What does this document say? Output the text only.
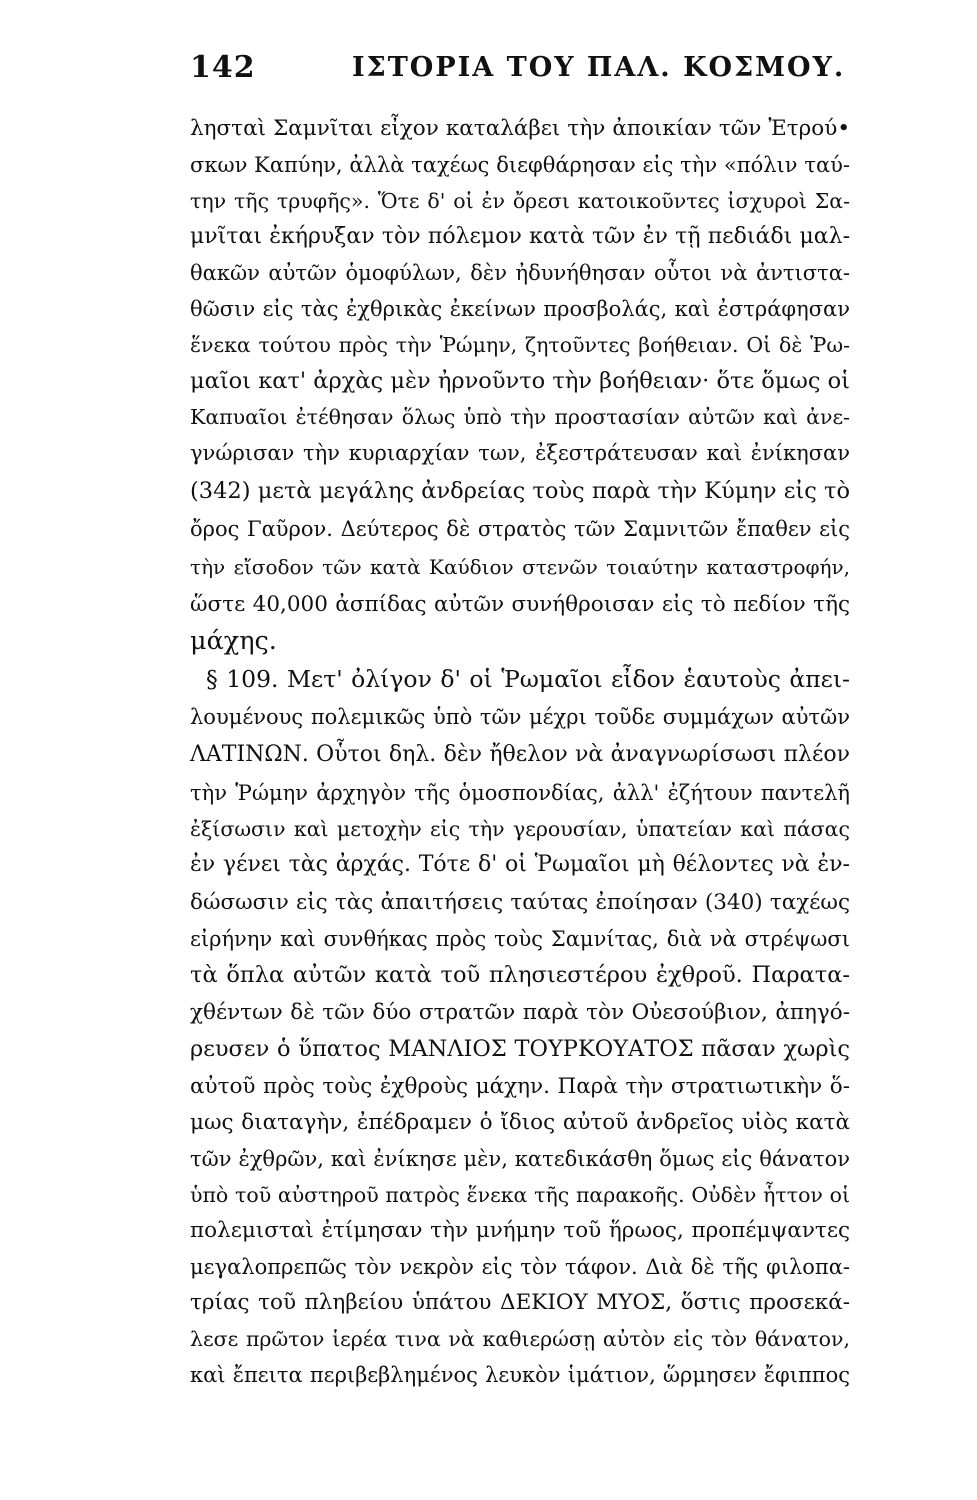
142	ΙΣΤΟΡΙΑ ΤΟΥ ΠΑΛ. ΚΟΣΜΟΥ.
λησταὶ Σαμνῖται εἶχον καταλάβει τὴν ἀποικίαν τῶν Ἐτρού•
σκων Καπύην, ἀλλὰ ταχέως διεφθάρησαν εἰς τὴν «πόλιν ταύ-
την τῆς τρυφῆς». Ὅτε δ' οἱ ἐν ὄρεσι κατοικοῦντες ἰσχυροὶ Σα-
μνῖται ἐκήρυξαν τὸν πόλεμον κατὰ τῶν ἐν τῇ πεδιάδι μαλ-
θακῶν αὐτῶν ὁμοφύλων, δὲν ἠδυνήθησαν οὗτοι νὰ ἀντιστα-
θῶσιν εἰς τὰς ἐχθρικὰς ἐκείνων προσβολάς, καὶ ἐστράφησαν
ἕνεκα τούτου πρὸς τὴν Ῥώμην, ζητοῦντες βοήθειαν. Οἱ δὲ Ῥω-
μαῖοι κατ' ἀρχὰς μὲν ἠρνοῦντο τὴν βοήθειαν· ὅτε ὅμως οἱ
Καπυαῖοι ἐτέθησαν ὅλως ὑπὸ τὴν προστασίαν αὐτῶν καὶ ἀνε-
γνώρισαν τὴν κυριαρχίαν των, ἐξεστράτευσαν καὶ ἐνίκησαν
(342) μετὰ μεγάλης ἀνδρείας τοὺς παρὰ τὴν Κύμην εἰς τὸ
ὄρος Γαῦρον. Δεύτερος δὲ στρατὸς τῶν Σαμνιτῶν ἔπαθεν εἰς
τὴν εἴσοδον τῶν κατὰ Καύδιον στενῶν τοιαύτην καταστροφήν,
ὥστε 40,000 ἀσπίδας αὐτῶν συνήθροισαν εἰς τὸ πεδίον τῆς
μάχης.
§ 109. Μετ' ὀλίγον δ' οἱ Ῥωμαῖοι εἶδον ἑαυτοὺς ἀπει-
λουμένους πολεμικῶς ὑπὸ τῶν μέχρι τοῦδε συμμάχων αὐτῶν
ΛΑΤΙΝΩΝ. Οὗτοι δηλ. δὲν ἤθελον νὰ ἀναγνωρίσωσι πλέον
τὴν Ῥώμην ἀρχηγὸν τῆς ὁμοσπονδίας, ἀλλ' ἐζήτουν παντελῆ
ἐξίσωσιν καὶ μετοχὴν εἰς τὴν γερουσίαν, ὑπατείαν καὶ πάσας
ἐν γένει τὰς ἀρχάς. Τότε δ' οἱ Ῥωμαῖοι μὴ θέλοντες νὰ ἐν-
δώσωσιν εἰς τὰς ἀπαιτήσεις ταύτας ἐποίησαν (340) ταχέως
εἰρήνην καὶ συνθήκας πρὸς τοὺς Σαμνίτας, διὰ νὰ στρέψωσι
τὰ ὅπλα αὐτῶν κατὰ τοῦ πλησιεστέρου ἐχθροῦ. Παρατα-
χθέντων δὲ τῶν δύο στρατῶν παρὰ τὸν Οὐεσούβιον, ἀπηγό-
ρευσεν ὁ ὕπατος ΜΑΝΛΙΟΣ ΤΟΥΡΚΟΥΑΤΟΣ πᾶσαν χωρὶς
αὐτοῦ πρὸς τοὺς ἐχθροὺς μάχην. Παρὰ τὴν στρατιωτικὴν ὅ-
μως διαταγὴν, ἐπέδραμεν ὁ ἴδιος αὐτοῦ ἀνδρεῖος υἱὸς κατὰ
τῶν ἐχθρῶν, καὶ ἐνίκησε μὲν, κατεδικάσθη ὅμως εἰς θάνατον
ὑπὸ τοῦ αὐστηροῦ πατρὸς ἕνεκα τῆς παρακοῆς. Οὐδὲν ἧττον οἱ
πολεμισταὶ ἐτίμησαν τὴν μνήμην τοῦ ἥρωος, προπέμψαντες
μεγαλοπρεπῶς τὸν νεκρὸν εἰς τὸν τάφον. Διὰ δὲ τῆς φιλοπα-
τρίας τοῦ πληβείου ὑπάτου ΔΕΚΙΟΥ ΜΥΟΣ, ὅστις προσεκά-
λεσε πρῶτον ἱερέα τινα νὰ καθιερώσῃ αὐτὸν εἰς τὸν θάνατον,
καὶ ἔπειτα περιβεβλημένος λευκὸν ἱμάτιον, ὥρμησεν ἔφιππος
